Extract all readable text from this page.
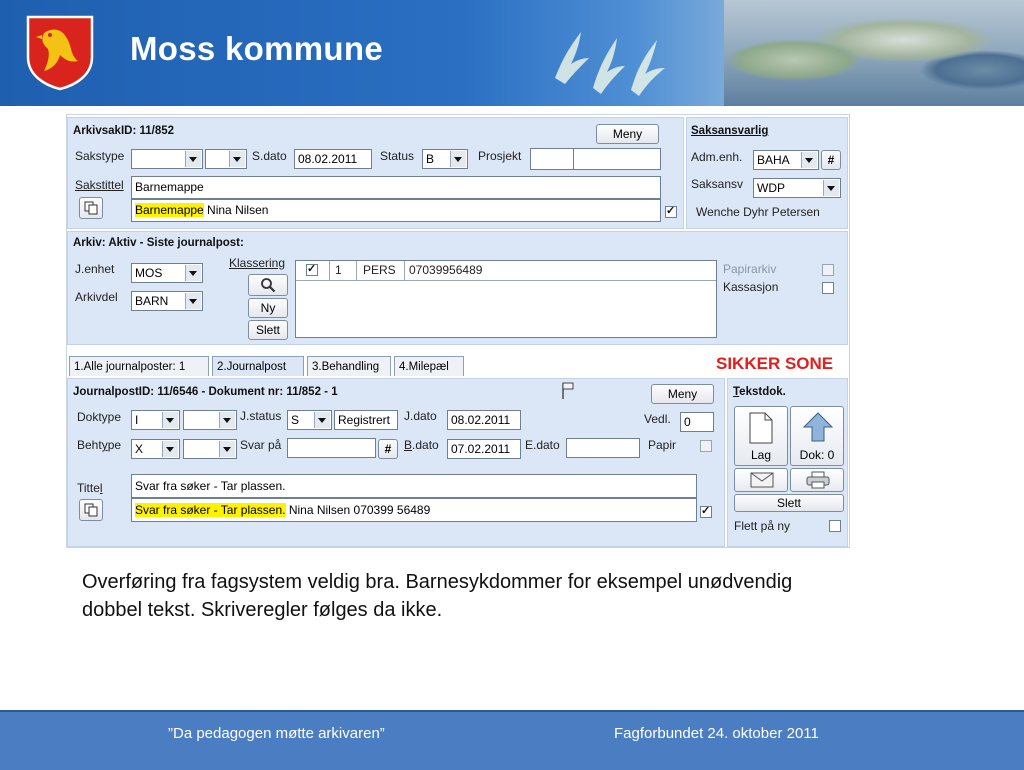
Moss kommune
ArkivsakID: 11/852	Meny
Sakstype	S.dato 08.02.2011	Status B	Prosjekt
Sakstittel Barnemappe
Barnemappe Nina Nilsen
✓
Saksansvarlig
Adm.enh.	BAHA	#
Saksansv	WDP
Wenche Dyhr Petersen
Arkiv: Aktiv - Siste journalpost:
J.enhet	MOS
Arkivdel	BARN
Klassering
Ny
Slett
✓
1 PERS 07039956489	Papirarkiv
Kassasjon
1.Alle journalposter: 1	2.Journalpost	3.Behandling	4.Milepæl	SIKKER SONE
JournalpostID: 11/6546 - Dokument nr: 11/852 - 1	Meny
Doktype	I	J.status S	Registrert	J.dato	08.02.2011	Vedl.	0
Behtype	X	Svar på	#	B.dato	07.02.2011	E.dato	Papir
Tittel	Svar fra søker - Tar plassen.
Svar fra søker - Tar plassen. Nina Nilsen 070399 56489
✓
Tekstdok.
Lag	Dok: 0
Slett
Flett på ny
Overføring fra fagsystem veldig bra. Barnesykdommer for eksempel unødvendig dobbel tekst. Skriveregler følges da ikke.
”Da pedagogen møtte arkivaren”	Fagforbundet 24. oktober 2011
